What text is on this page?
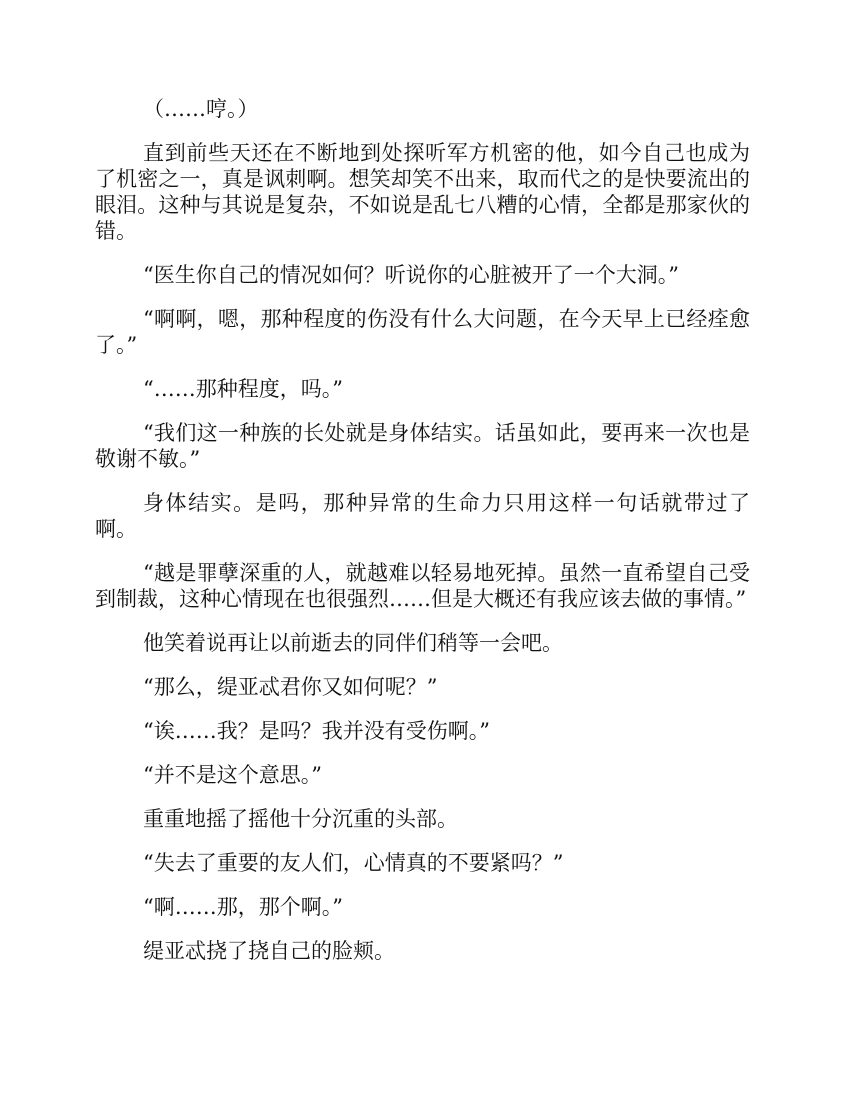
（……哼。）

直到前些天还在不断地到处探听军方机密的他，如今自己也成为了机密之一，真是讽刺啊。想笑却笑不出来，取而代之的是快要流出的眼泪。这种与其说是复杂，不如说是乱七八糟的心情，全都是那家伙的错。

“医生你自己的情况如何？听说你的心脏被开了一个大洞。”

“啊啊，嗯，那种程度的伤没有什么大问题，在今天早上已经痊愈了。”

“……那种程度，吗。”

“我们这一种族的长处就是身体结实。话虽如此，要再来一次也是敬谢不敏。”

身体结实。是吗，那种异常的生命力只用这样一句话就带过了啊。

“越是罪孽深重的人，就越难以轻易地死掉。虽然一直希望自己受到制裁，这种心情现在也很强烈……但是大概还有我应该去做的事情。”

他笑着说再让以前逝去的同伴们稍等一会吧。

“那么，缇亚忒君你又如何呢？”

“诶……我？是吗？我并没有受伤啊。”

“并不是这个意思。”

重重地摇了摇他十分沉重的头部。

“失去了重要的友人们，心情真的不要紧吗？”

“啊……那，那个啊。”

缇亚忒挠了挠自己的脸颊。
